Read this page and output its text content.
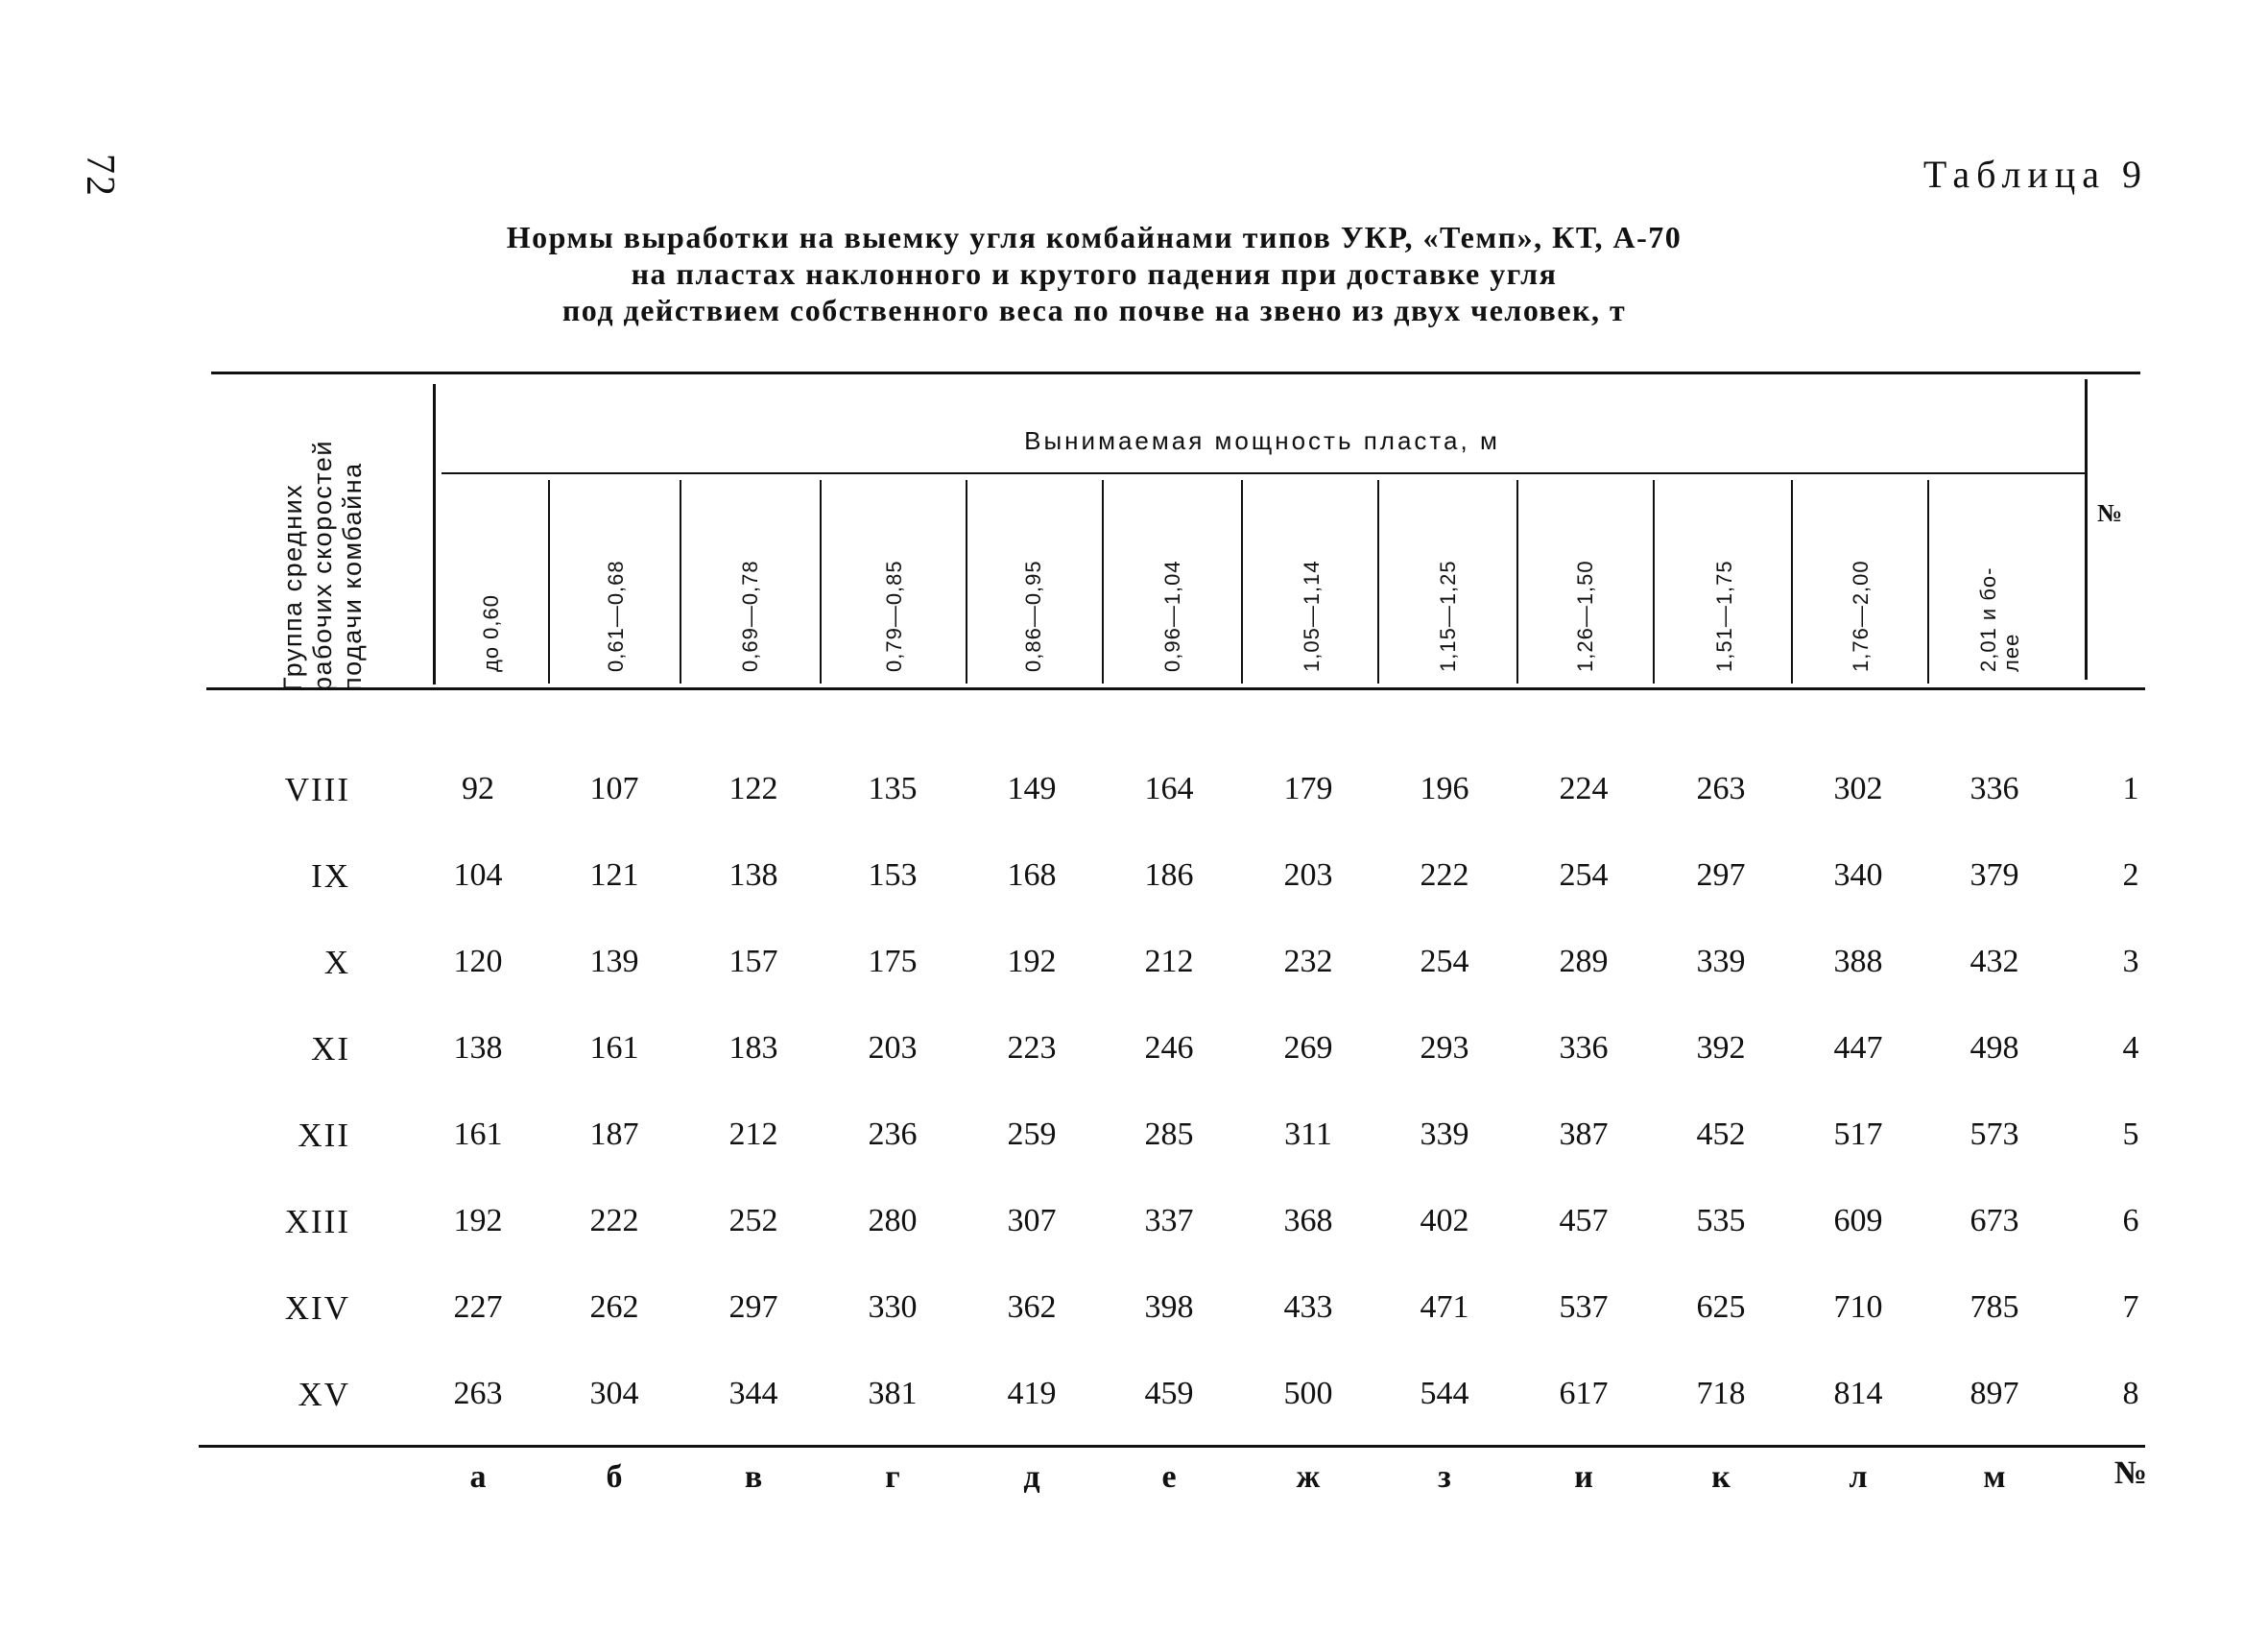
72	Таблица 9
Нормы выработки на выемку угля комбайнами типов УКР, «Темп», КТ, А-70
на пластах наклонного и крутого падения при доставке угля
под действием собственного веса по почве на звено из двух человек, т
Группа средних рабочих скоростей подачи комбайна
Вынимаемая мощность пласта, м
№
до 0,60	0,61—0,68	0,69—0,78	0,79—0,85	0,86—0,95	0,96—1,04	1,05—1,14	1,15—1,25	1,26—1,50	1,51—1,75	1,76—2,00	2,01 и бо- лее
VIII	92	107	122	135	149	164	179	196	224	263	302	336	1
IX	104	121	138	153	168	186	203	222	254	297	340	379	2
X	120	139	157	175	192	212	232	254	289	339	388	432	3
XI	138	161	183	203	223	246	269	293	336	392	447	498	4
XII	161	187	212	236	259	285	311	339	387	452	517	573	5
XIII	192	222	252	280	307	337	368	402	457	535	609	673	6
XIV	227	262	297	330	362	398	433	471	537	625	710	785	7
XV	263	304	344	381	419	459	500	544	617	718	814	897	8
а	б	в	г	д	е	ж	з	и	к	л	м	№
